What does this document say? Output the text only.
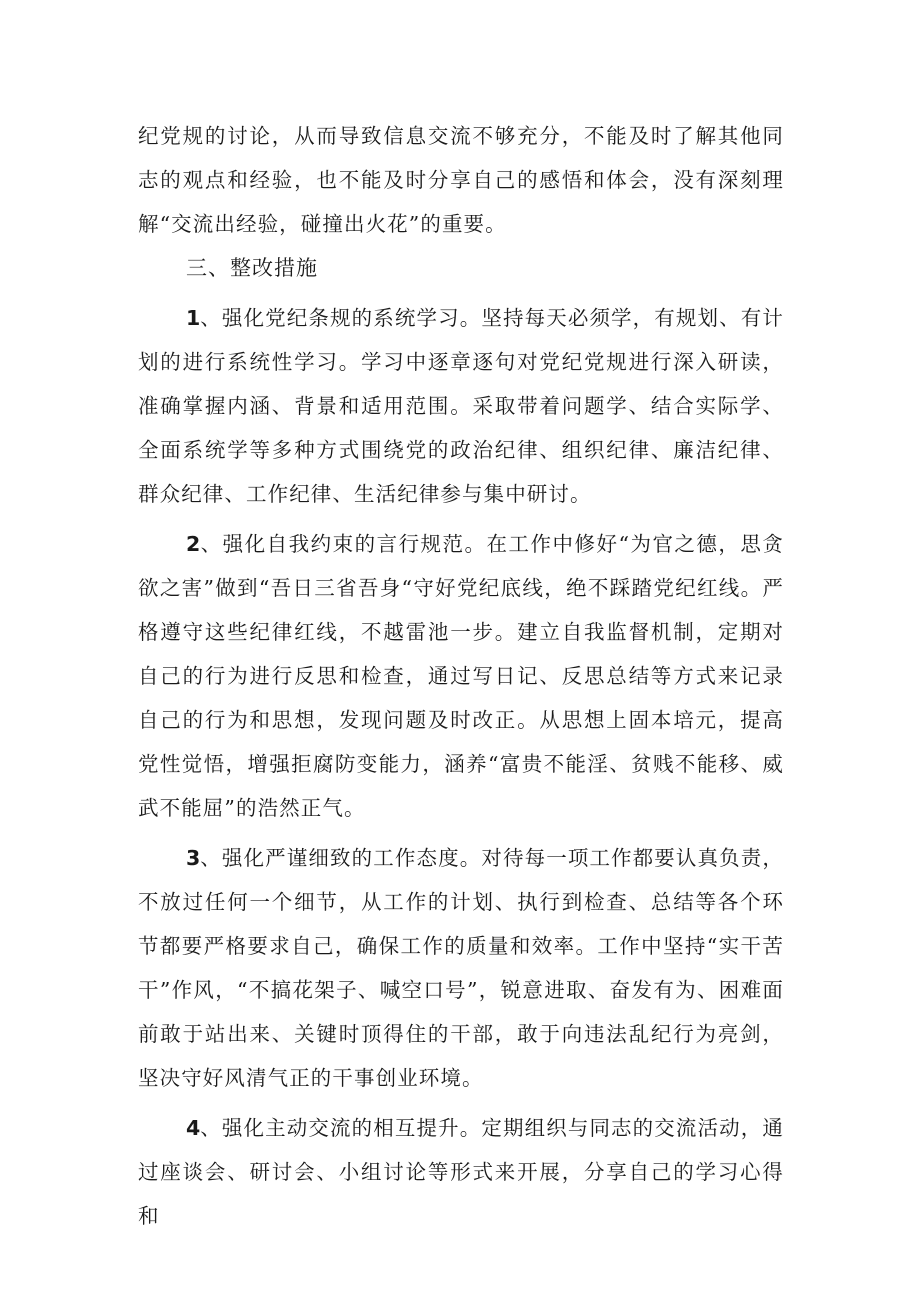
纪党规的讨论，从而导致信息交流不够充分，不能及时了解其他同志的观点和经验，也不能及时分享自己的感悟和体会，没有深刻理解“交流出经验，碰撞出火花”的重要。

三、整改措施

1、强化党纪条规的系统学习。坚持每天必须学，有规划、有计划的进行系统性学习。学习中逐章逐句对党纪党规进行深入研读，准确掌握内涵、背景和适用范围。采取带着问题学、结合实际学、全面系统学等多种方式围绕党的政治纪律、组织纪律、廉洁纪律、群众纪律、工作纪律、生活纪律参与集中研讨。

2、强化自我约束的言行规范。在工作中修好“为官之德，思贪欲之害”做到“吾日三省吾身“守好党纪底线，绝不踩踏党纪红线。严格遵守这些纪律红线，不越雷池一步。建立自我监督机制，定期对自己的行为进行反思和检查，通过写日记、反思总结等方式来记录自己的行为和思想，发现问题及时改正。从思想上固本培元，提高党性觉悟，增强拒腐防变能力，涵养“富贵不能淫、贫贱不能移、威武不能屈”的浩然正气。

3、强化严谨细致的工作态度。对待每一项工作都要认真负责，不放过任何一个细节，从工作的计划、执行到检查、总结等各个环节都要严格要求自己，确保工作的质量和效率。工作中坚持“实干苦干”作风，“不搞花架子、喊空口号”，锐意进取、奋发有为、困难面前敢于站出来、关键时顶得住的干部，敢于向违法乱纪行为亮剑，坚决守好风清气正的干事创业环境。

4、强化主动交流的相互提升。定期组织与同志的交流活动，通过座谈会、研讨会、小组讨论等形式来开展，分享自己的学习心得和
